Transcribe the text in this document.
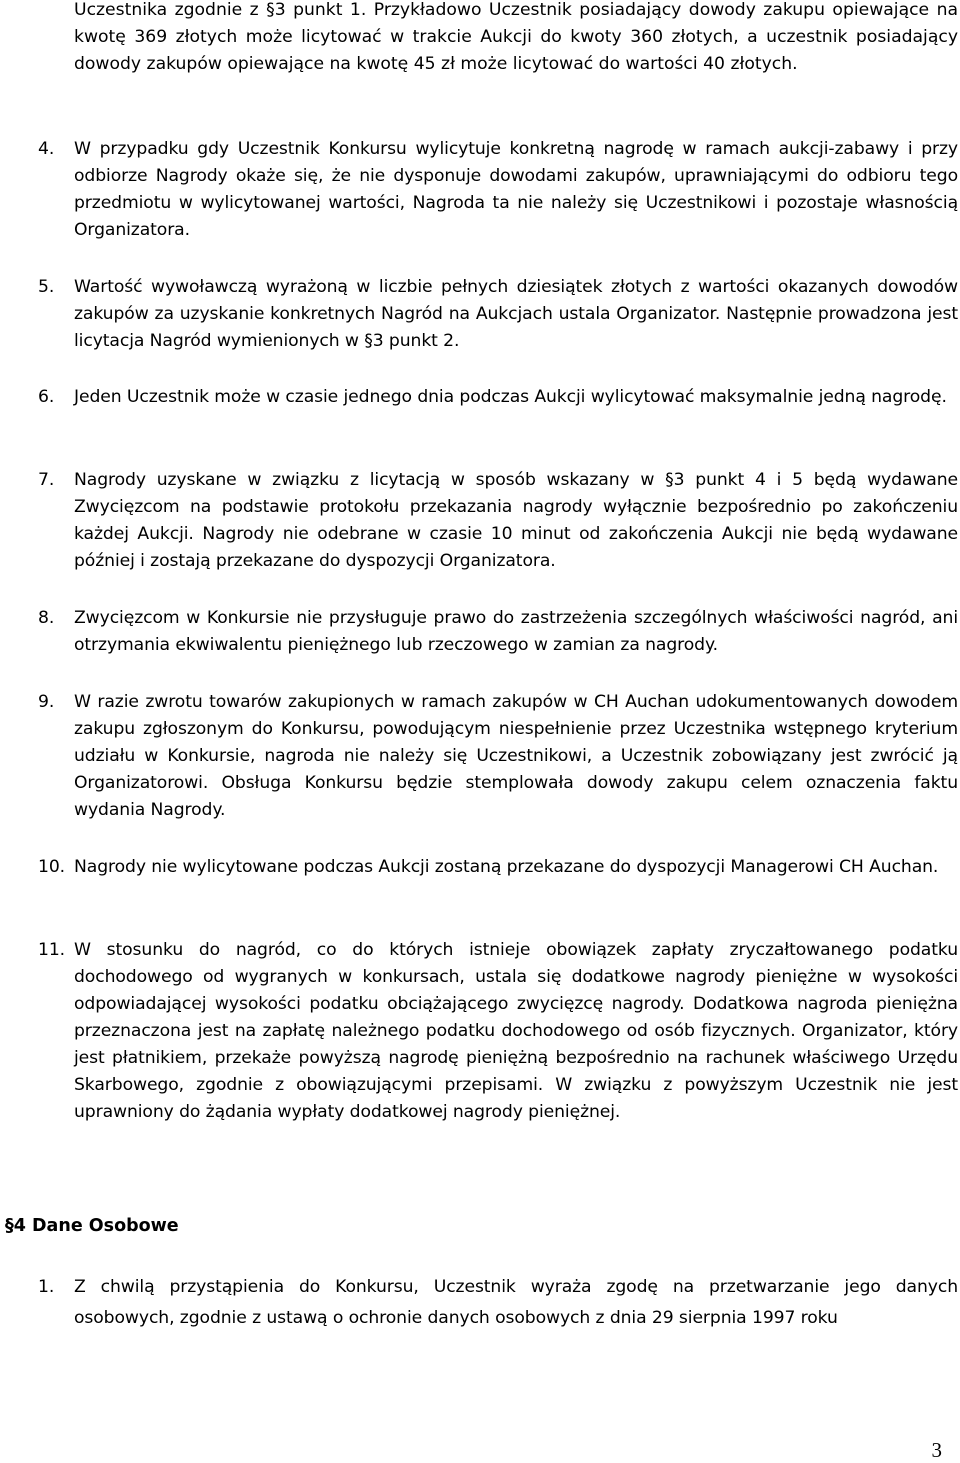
Uczestnika zgodnie z §3 punkt 1. Przykładowo Uczestnik posiadający dowody zakupu opiewające na kwotę 369 złotych może licytować w trakcie Aukcji do kwoty 360 złotych, a uczestnik posiadający dowody zakupów opiewające na kwotę 45 zł może licytować do wartości 40 złotych.
4. W przypadku gdy Uczestnik Konkursu wylicytuje konkretną nagrodę w ramach aukcji-zabawy i przy odbiorze Nagrody okaże się, że nie dysponuje dowodami zakupów, uprawniającymi do odbioru tego przedmiotu w wylicytowanej wartości, Nagroda ta nie należy się Uczestnikowi i pozostaje własnością Organizatora.
5. Wartość wywoławczą wyrażoną w liczbie pełnych dziesiątek złotych z wartości okazanych dowodów zakupów za uzyskanie konkretnych Nagród na Aukcjach ustala Organizator. Następnie prowadzona jest licytacja Nagród wymienionych w §3 punkt 2.
6. Jeden Uczestnik może w czasie jednego dnia podczas Aukcji wylicytować maksymalnie jedną nagrodę.
7. Nagrody uzyskane w związku z licytacją w sposób wskazany w §3 punkt 4 i 5 będą wydawane Zwycięzcom na podstawie protokołu przekazania nagrody wyłącznie bezpośrednio po zakończeniu każdej Aukcji. Nagrody nie odebrane w czasie 10 minut od zakończenia Aukcji nie będą wydawane później i zostają przekazane do dyspozycji Organizatora.
8. Zwycięzcom w Konkursie nie przysługuje prawo do zastrzeżenia szczególnych właściwości nagród, ani otrzymania ekwiwalentu pieniężnego lub rzeczowego w zamian za nagrody.
9. W razie zwrotu towarów zakupionych w ramach zakupów w CH Auchan udokumentowanych dowodem zakupu zgłoszonym do Konkursu, powodującym niespełnienie przez Uczestnika wstępnego kryterium udziału w Konkursie, nagroda nie należy się Uczestnikowi, a Uczestnik zobowiązany jest zwrócić ją Organizatorowi. Obsługa Konkursu będzie stemplowała dowody zakupu celem oznaczenia faktu wydania Nagrody.
10. Nagrody nie wylicytowane podczas Aukcji zostaną przekazane do dyspozycji Managerowi CH Auchan.
11. W stosunku do nagród, co do których istnieje obowiązek zapłaty zryczałtowanego podatku dochodowego od wygranych w konkursach, ustala się dodatkowe nagrody pieniężne w wysokości odpowiadającej wysokości podatku obciążającego zwycięzcę nagrody. Dodatkowa nagroda pieniężna przeznaczona jest na zapłatę należnego podatku dochodowego od osób fizycznych. Organizator, który jest płatnikiem, przekaże powyższą nagrodę pieniężną bezpośrednio na rachunek właściwego Urzędu Skarbowego, zgodnie z obowiązującymi przepisami. W związku z powyższym Uczestnik nie jest uprawniony do żądania wypłaty dodatkowej nagrody pieniężnej.
§4 Dane Osobowe
1. Z chwilą przystąpienia do Konkursu, Uczestnik wyraża zgodę na przetwarzanie jego danych osobowych, zgodnie z ustawą o ochronie danych osobowych z dnia 29 sierpnia 1997 roku
3
